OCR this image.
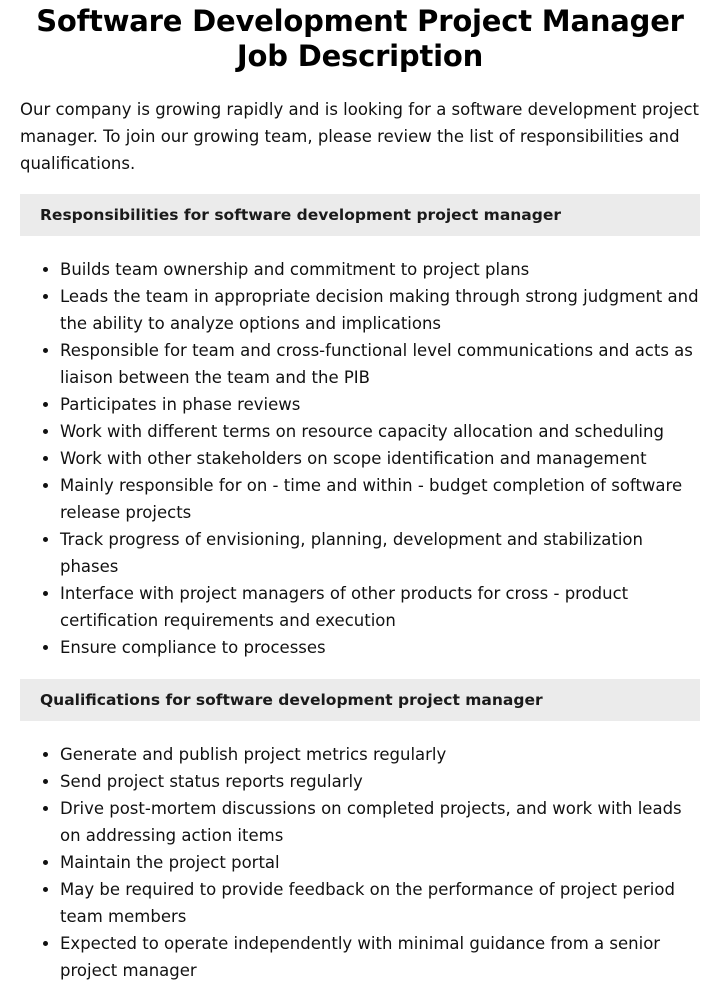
Software Development Project Manager Job Description

Our company is growing rapidly and is looking for a software development project manager. To join our growing team, please review the list of responsibilities and qualifications.

Responsibilities for software development project manager
• Builds team ownership and commitment to project plans
• Leads the team in appropriate decision making through strong judgment and the ability to analyze options and implications
• Responsible for team and cross-functional level communications and acts as liaison between the team and the PIB
• Participates in phase reviews
• Work with different terms on resource capacity allocation and scheduling
• Work with other stakeholders on scope identification and management
• Mainly responsible for on - time and within - budget completion of software release projects
• Track progress of envisioning, planning, development and stabilization phases
• Interface with project managers of other products for cross - product certification requirements and execution
• Ensure compliance to processes
Qualifications for software development project manager
• Generate and publish project metrics regularly
• Send project status reports regularly
• Drive post-mortem discussions on completed projects, and work with leads on addressing action items
• Maintain the project portal
• May be required to provide feedback on the performance of project period team members
• Expected to operate independently with minimal guidance from a senior project manager
